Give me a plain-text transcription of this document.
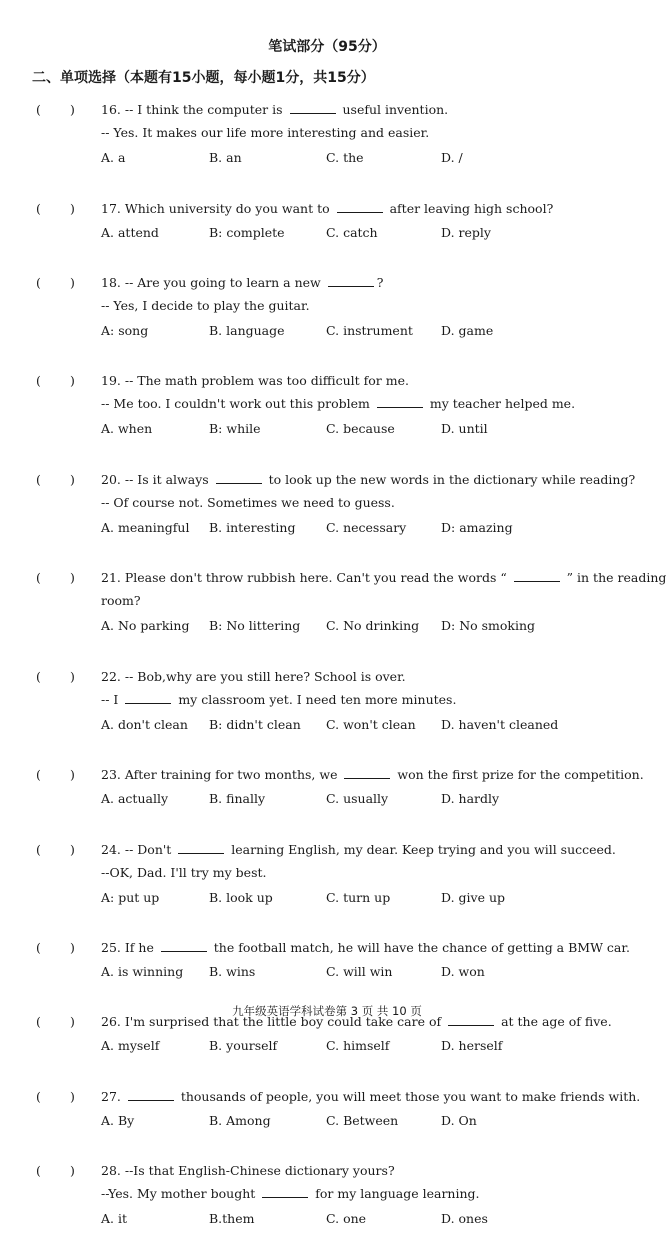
笔试部分（95分）
二、单项选择（本题有15小题，每小题1分，共15分）
( ) 16. -- I think the computer is	useful invention.
-- Yes. It makes our life more interesting and easier.
A. a	B. an	C. the	D. /
( ) 17. Which university do you want to	after leaving high school?
A. attend	B: complete	C. catch	D. reply
( ) 18. -- Are you going to learn a new	?
-- Yes, I decide to play the guitar.
A: song	B. language	C. instrument D. game
( ) 19. -- The math problem was too difficult for me.
-- Me too. I couldn't work out this problem	my teacher helped me.
A. when	B: while	C. because	D. until
( ) 20. -- Is it always	to look up the new words in the dictionary while reading?
-- Of course not. Sometimes we need to guess.
A. meaningful B. interesting C. necessary	D: amazing
( ) 21. Please don't throw rubbish here. Can't you read the words “	” in the reading
room?
A. No parking B: No littering C. No drinking D: No smoking
( ) 22. -- Bob,why are you still here? School is over.
-- I	my classroom yet. I need ten more minutes.
A. don't clean B: didn't clean C. won't clean D. haven't cleaned
( ) 23. After training for two months, we	won the first prize for the competition.
A. actually	B. finally	C. usually	D. hardly
( ) 24. -- Don't	learning English, my dear. Keep trying and you will succeed.
--OK, Dad. I'll try my best.
A: put up	B. look up	C. turn up	D. give up
( ) 25. If he	the football match, he will have the chance of getting a BMW car.
A. is winning B. wins	C. will win	D. won
( ) 26. I'm surprised that the little boy could take care of	at the age of five.
A. myself	B. yourself	C. himself	D. herself
( ) 27.	thousands of people, you will meet those you want to make friends with.
A. By	B. Among	C. Between	D. On
( ) 28. --Is that English-Chinese dictionary yours?
--Yes. My mother bought	for my language learning.
A. it	B.them	C. one	D. ones
九年级英语学科试卷第 3 页 共 10 页
